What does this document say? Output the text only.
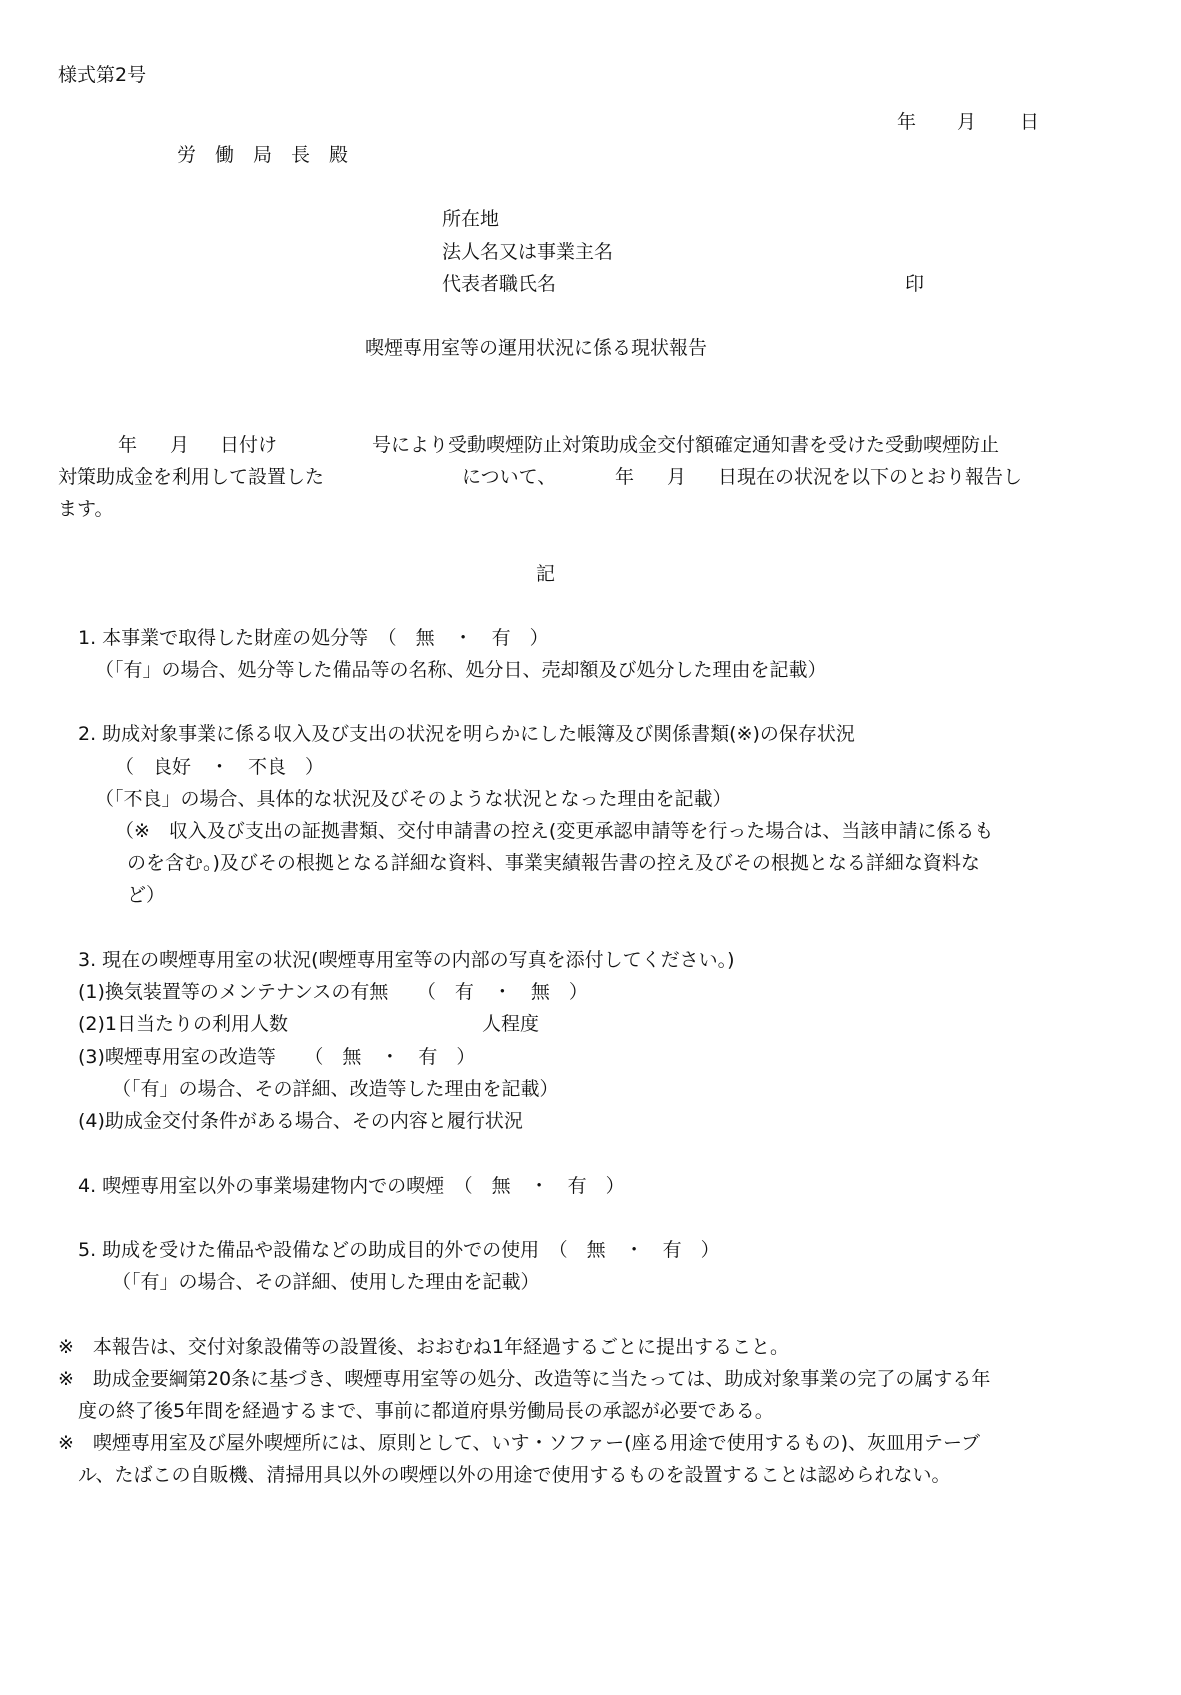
様式第2号
年 月 日
労　働　局　長　殿
所在地
法人名又は事業主名
代表者職氏名	印
喫煙専用室等の運用状況に係る現状報告
年 月 日付け	号により受動喫煙防止対策助成金交付額確定通知書を受けた受動喫煙防止
対策助成金を利用して設置した	について、	年 月 日現在の状況を以下のとおり報告し
ます。
記
1. 本事業で取得した財産の処分等　（　無　・　有　）
（「有」の場合、処分等した備品等の名称、処分日、売却額及び処分した理由を記載）
2. 助成対象事業に係る収入及び支出の状況を明らかにした帳簿及び関係書類(※)の保存状況
（　良好　・　不良　）
（「不良」の場合、具体的な状況及びそのような状況となった理由を記載）
（※　収入及び支出の証拠書類、交付申請書の控え(変更承認申請等を行った場合は、当該申請に係るも
のを含む。)及びその根拠となる詳細な資料、事業実績報告書の控え及びその根拠となる詳細な資料な
ど）
3. 現在の喫煙専用室の状況(喫煙専用室等の内部の写真を添付してください。)
(1)換気装置等のメンテナンスの有無　　（　有　・　無　）
(2)1日当たりの利用人数	人程度
(3)喫煙専用室の改造等　　（　無　・　有　）
（「有」の場合、その詳細、改造等した理由を記載）
(4)助成金交付条件がある場合、その内容と履行状況
4. 喫煙専用室以外の事業場建物内での喫煙　（　無　・　有　）
5. 助成を受けた備品や設備などの助成目的外での使用　（　無　・　有　）
（「有」の場合、その詳細、使用した理由を記載）
※　本報告は、交付対象設備等の設置後、おおむね1年経過するごとに提出すること。
※　助成金要綱第20条に基づき、喫煙専用室等の処分、改造等に当たっては、助成対象事業の完了の属する年
度の終了後5年間を経過するまで、事前に都道府県労働局長の承認が必要である。
※　喫煙専用室及び屋外喫煙所には、原則として、いす・ソファー(座る用途で使用するもの)、灰皿用テーブ
ル、たばこの自販機、清掃用具以外の喫煙以外の用途で使用するものを設置することは認められない。
